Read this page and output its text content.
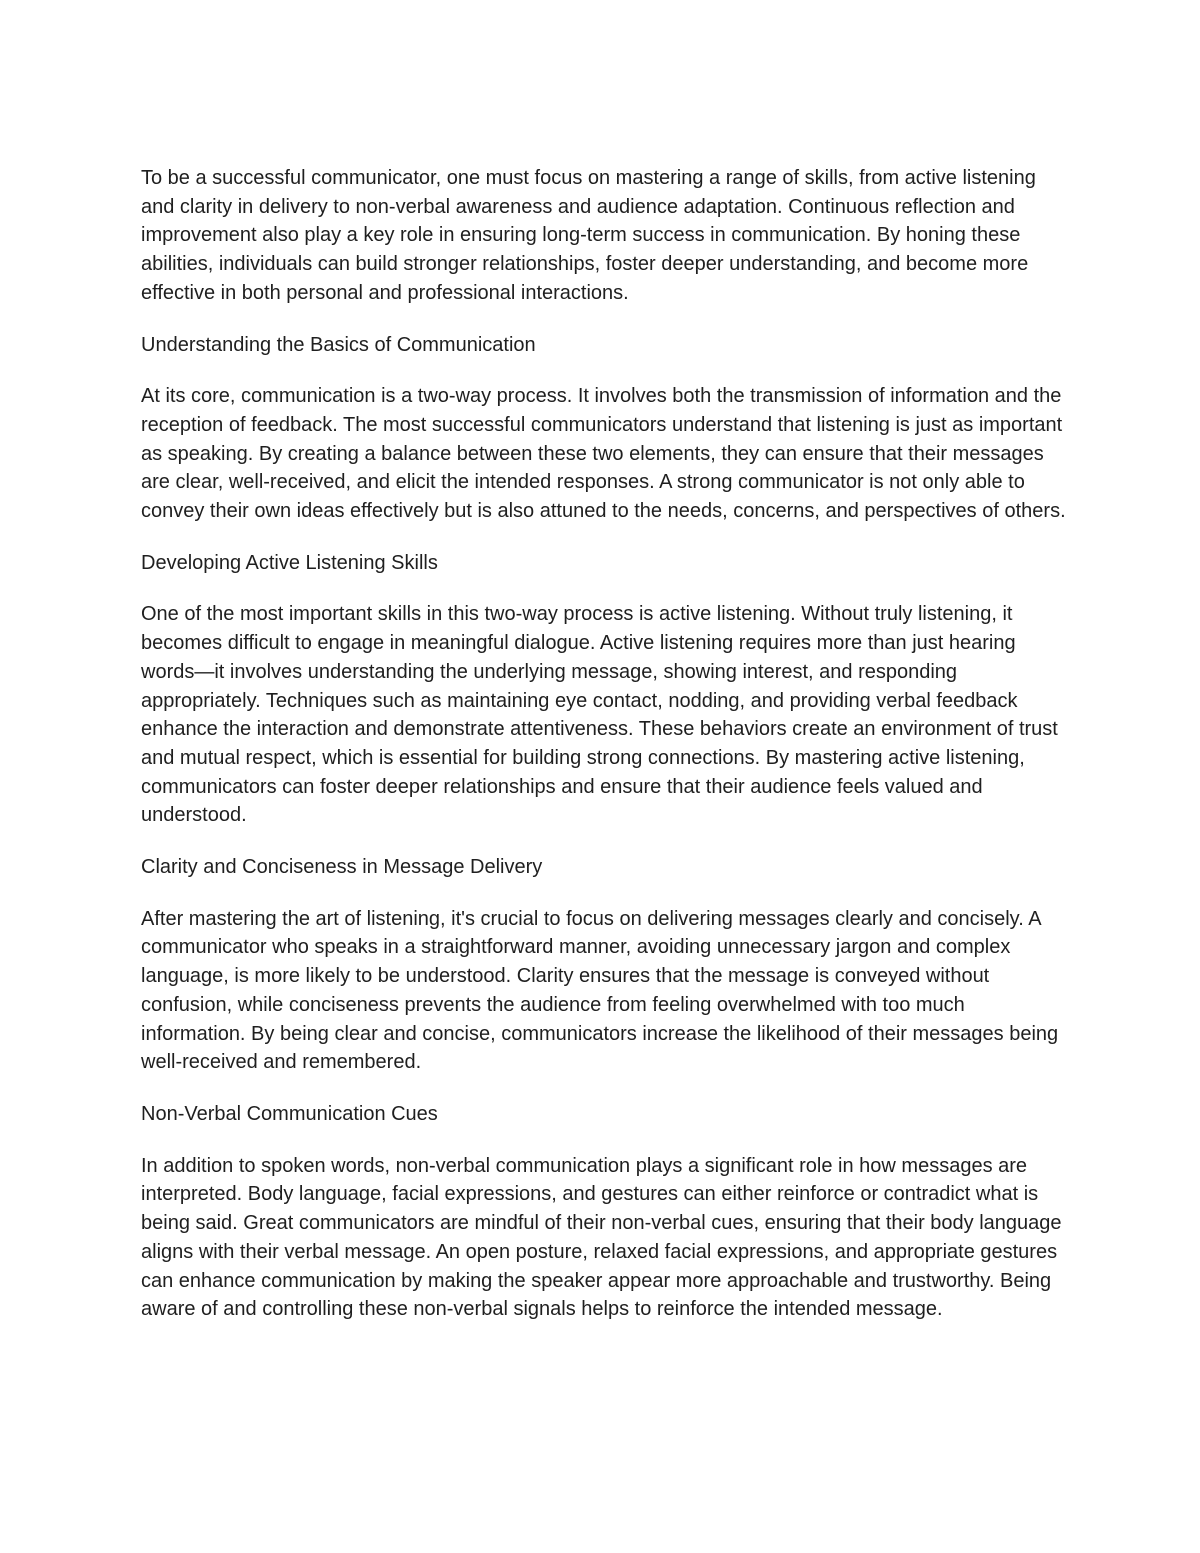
To be a successful communicator, one must focus on mastering a range of skills, from active listening and clarity in delivery to non-verbal awareness and audience adaptation. Continuous reflection and improvement also play a key role in ensuring long-term success in communication. By honing these abilities, individuals can build stronger relationships, foster deeper understanding, and become more effective in both personal and professional interactions.

Understanding the Basics of Communication

At its core, communication is a two-way process. It involves both the transmission of information and the reception of feedback. The most successful communicators understand that listening is just as important as speaking. By creating a balance between these two elements, they can ensure that their messages are clear, well-received, and elicit the intended responses. A strong communicator is not only able to convey their own ideas effectively but is also attuned to the needs, concerns, and perspectives of others.

Developing Active Listening Skills

One of the most important skills in this two-way process is active listening. Without truly listening, it becomes difficult to engage in meaningful dialogue. Active listening requires more than just hearing words—it involves understanding the underlying message, showing interest, and responding appropriately. Techniques such as maintaining eye contact, nodding, and providing verbal feedback enhance the interaction and demonstrate attentiveness. These behaviors create an environment of trust and mutual respect, which is essential for building strong connections. By mastering active listening, communicators can foster deeper relationships and ensure that their audience feels valued and understood.

Clarity and Conciseness in Message Delivery

After mastering the art of listening, it's crucial to focus on delivering messages clearly and concisely. A communicator who speaks in a straightforward manner, avoiding unnecessary jargon and complex language, is more likely to be understood. Clarity ensures that the message is conveyed without confusion, while conciseness prevents the audience from feeling overwhelmed with too much information. By being clear and concise, communicators increase the likelihood of their messages being well-received and remembered.

Non-Verbal Communication Cues

In addition to spoken words, non-verbal communication plays a significant role in how messages are interpreted. Body language, facial expressions, and gestures can either reinforce or contradict what is being said. Great communicators are mindful of their non-verbal cues, ensuring that their body language aligns with their verbal message. An open posture, relaxed facial expressions, and appropriate gestures can enhance communication by making the speaker appear more approachable and trustworthy. Being aware of and controlling these non-verbal signals helps to reinforce the intended message.
